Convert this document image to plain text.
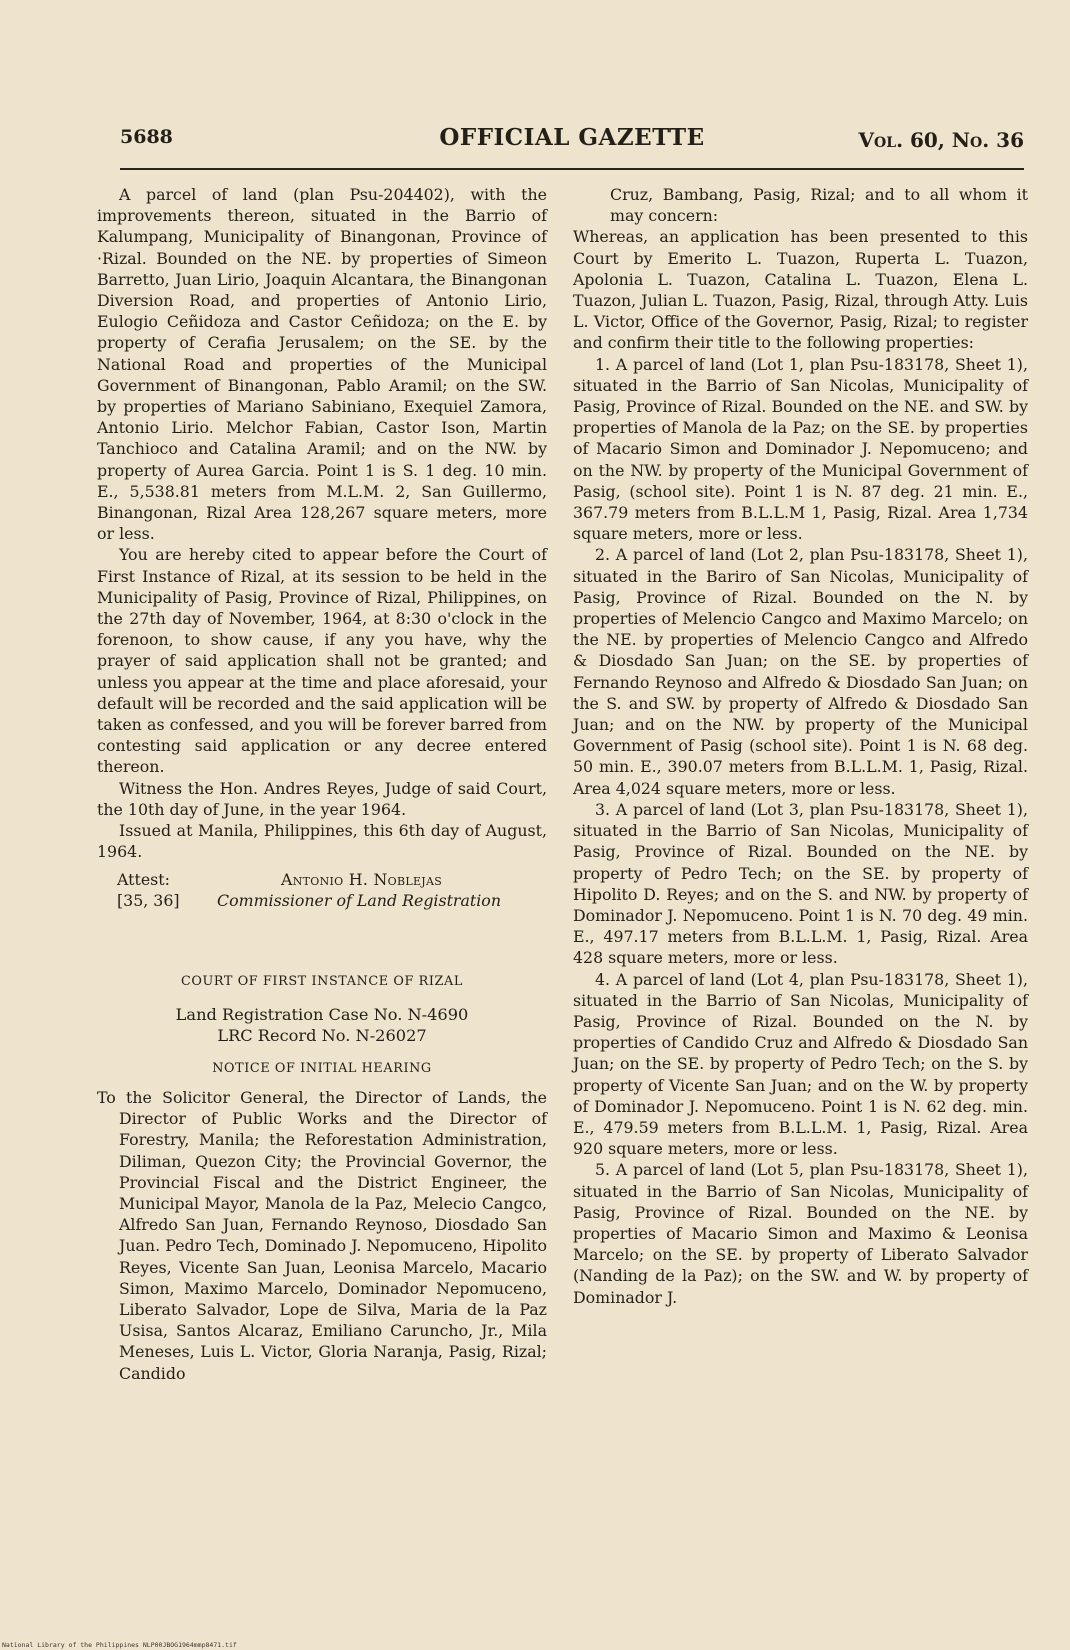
5688	OFFICIAL GAZETTE	Vol. 60, No. 36

A parcel of land (plan Psu-204402), with the improvements thereon, situated in the Barrio of Kalumpang, Municipality of Binangonan, Province of ·Rizal. Bounded on the NE. by properties of Simeon Barretto, Juan Lirio, Joaquin Alcantara, the Binangonan Diversion Road, and properties of Antonio Lirio, Eulogio Ceñidoza and Castor Ceñidoza; on the E. by property of Cerafia Jerusalem; on the SE. by the National Road and properties of the Municipal Government of Binangonan, Pablo Aramil; on the SW. by properties of Mariano Sabiniano, Exequiel Zamora, Antonio Lirio. Melchor Fabian, Castor Ison, Martin Tanchioco and Catalina Aramil; and on the NW. by property of Aurea Garcia. Point 1 is S. 1 deg. 10 min. E., 5,538.81 meters from M.L.M. 2, San Guillermo, Binangonan, Rizal Area 128,267 square meters, more or less.

You are hereby cited to appear before the Court of First Instance of Rizal, at its session to be held in the Municipality of Pasig, Province of Rizal, Philippines, on the 27th day of November, 1964, at 8:30 o'clock in the forenoon, to show cause, if any you have, why the prayer of said application shall not be granted; and unless you appear at the time and place aforesaid, your default will be recorded and the said application will be taken as confessed, and you will be forever barred from contesting said application or any decree entered thereon.

Witness the Hon. Andres Reyes, Judge of said Court, the 10th day of June, in the year 1964.

Issued at Manila, Philippines, this 6th day of August, 1964.

Attest:
[35, 36]
Antonio H. Noblejas
Commissioner of Land Registration
COURT OF FIRST INSTANCE OF RIZAL
Land Registration Case No. N-4690
LRC Record No. N-26027
NOTICE OF INITIAL HEARING

To the Solicitor General, the Director of Lands, the Director of Public Works and the Director of Forestry, Manila; the Reforestation Administration, Diliman, Quezon City; the Provincial Governor, the Provincial Fiscal and the District Engineer, the Municipal Mayor, Manola de la Paz, Melecio Cangco, Alfredo San Juan, Fernando Reynoso, Diosdado San Juan. Pedro Tech, Dominado J. Nepomuceno, Hipolito Reyes, Vicente San Juan, Leonisa Marcelo, Macario Simon, Maximo Marcelo, Dominador Nepomuceno, Liberato Salvador, Lope de Silva, Maria de la Paz Usisa, Santos Alcaraz, Emiliano Caruncho, Jr., Mila Meneses, Luis L. Victor, Gloria Naranja, Pasig, Rizal; Candido

Cruz, Bambang, Pasig, Rizal; and to all whom it may concern:

Whereas, an application has been presented to this Court by Emerito L. Tuazon, Ruperta L. Tuazon, Apolonia L. Tuazon, Catalina L. Tuazon, Elena L. Tuazon, Julian L. Tuazon, Pasig, Rizal, through Atty. Luis L. Victor, Office of the Governor, Pasig, Rizal; to register and confirm their title to the following properties:

1. A parcel of land (Lot 1, plan Psu-183178, Sheet 1), situated in the Barrio of San Nicolas, Municipality of Pasig, Province of Rizal. Bounded on the NE. and SW. by properties of Manola de la Paz; on the SE. by properties of Macario Simon and Dominador J. Nepomuceno; and on the NW. by property of the Municipal Government of Pasig, (school site). Point 1 is N. 87 deg. 21 min. E., 367.79 meters from B.L.L.M 1, Pasig, Rizal. Area 1,734 square meters, more or less.

2. A parcel of land (Lot 2, plan Psu-183178, Sheet 1), situated in the Bariro of San Nicolas, Municipality of Pasig, Province of Rizal. Bounded on the N. by properties of Melencio Cangco and Maximo Marcelo; on the NE. by properties of Melencio Cangco and Alfredo & Diosdado San Juan; on the SE. by properties of Fernando Reynoso and Alfredo & Diosdado San Juan; on the S. and SW. by property of Alfredo & Diosdado San Juan; and on the NW. by property of the Municipal Government of Pasig (school site). Point 1 is N. 68 deg. 50 min. E., 390.07 meters from B.L.L.M. 1, Pasig, Rizal. Area 4,024 square meters, more or less.

3. A parcel of land (Lot 3, plan Psu-183178, Sheet 1), situated in the Barrio of San Nicolas, Municipality of Pasig, Province of Rizal. Bounded on the NE. by property of Pedro Tech; on the SE. by property of Hipolito D. Reyes; and on the S. and NW. by property of Dominador J. Nepomuceno. Point 1 is N. 70 deg. 49 min. E., 497.17 meters from B.L.L.M. 1, Pasig, Rizal. Area 428 square meters, more or less.

4. A parcel of land (Lot 4, plan Psu-183178, Sheet 1), situated in the Barrio of San Nicolas, Municipality of Pasig, Province of Rizal. Bounded on the N. by properties of Candido Cruz and Alfredo & Diosdado San Juan; on the SE. by property of Pedro Tech; on the S. by property of Vicente San Juan; and on the W. by property of Dominador J. Nepomuceno. Point 1 is N. 62 deg. min. E., 479.59 meters from B.L.L.M. 1, Pasig, Rizal. Area 920 square meters, more or less.

5. A parcel of land (Lot 5, plan Psu-183178, Sheet 1), situated in the Barrio of San Nicolas, Municipality of Pasig, Province of Rizal. Bounded on the NE. by properties of Macario Simon and Maximo & Leonisa Marcelo; on the SE. by property of Liberato Salvador (Nanding de la Paz); on the SW. and W. by property of Dominador J.

National Library of the Philippines NLP00JBOG1964mmp8471.tif
